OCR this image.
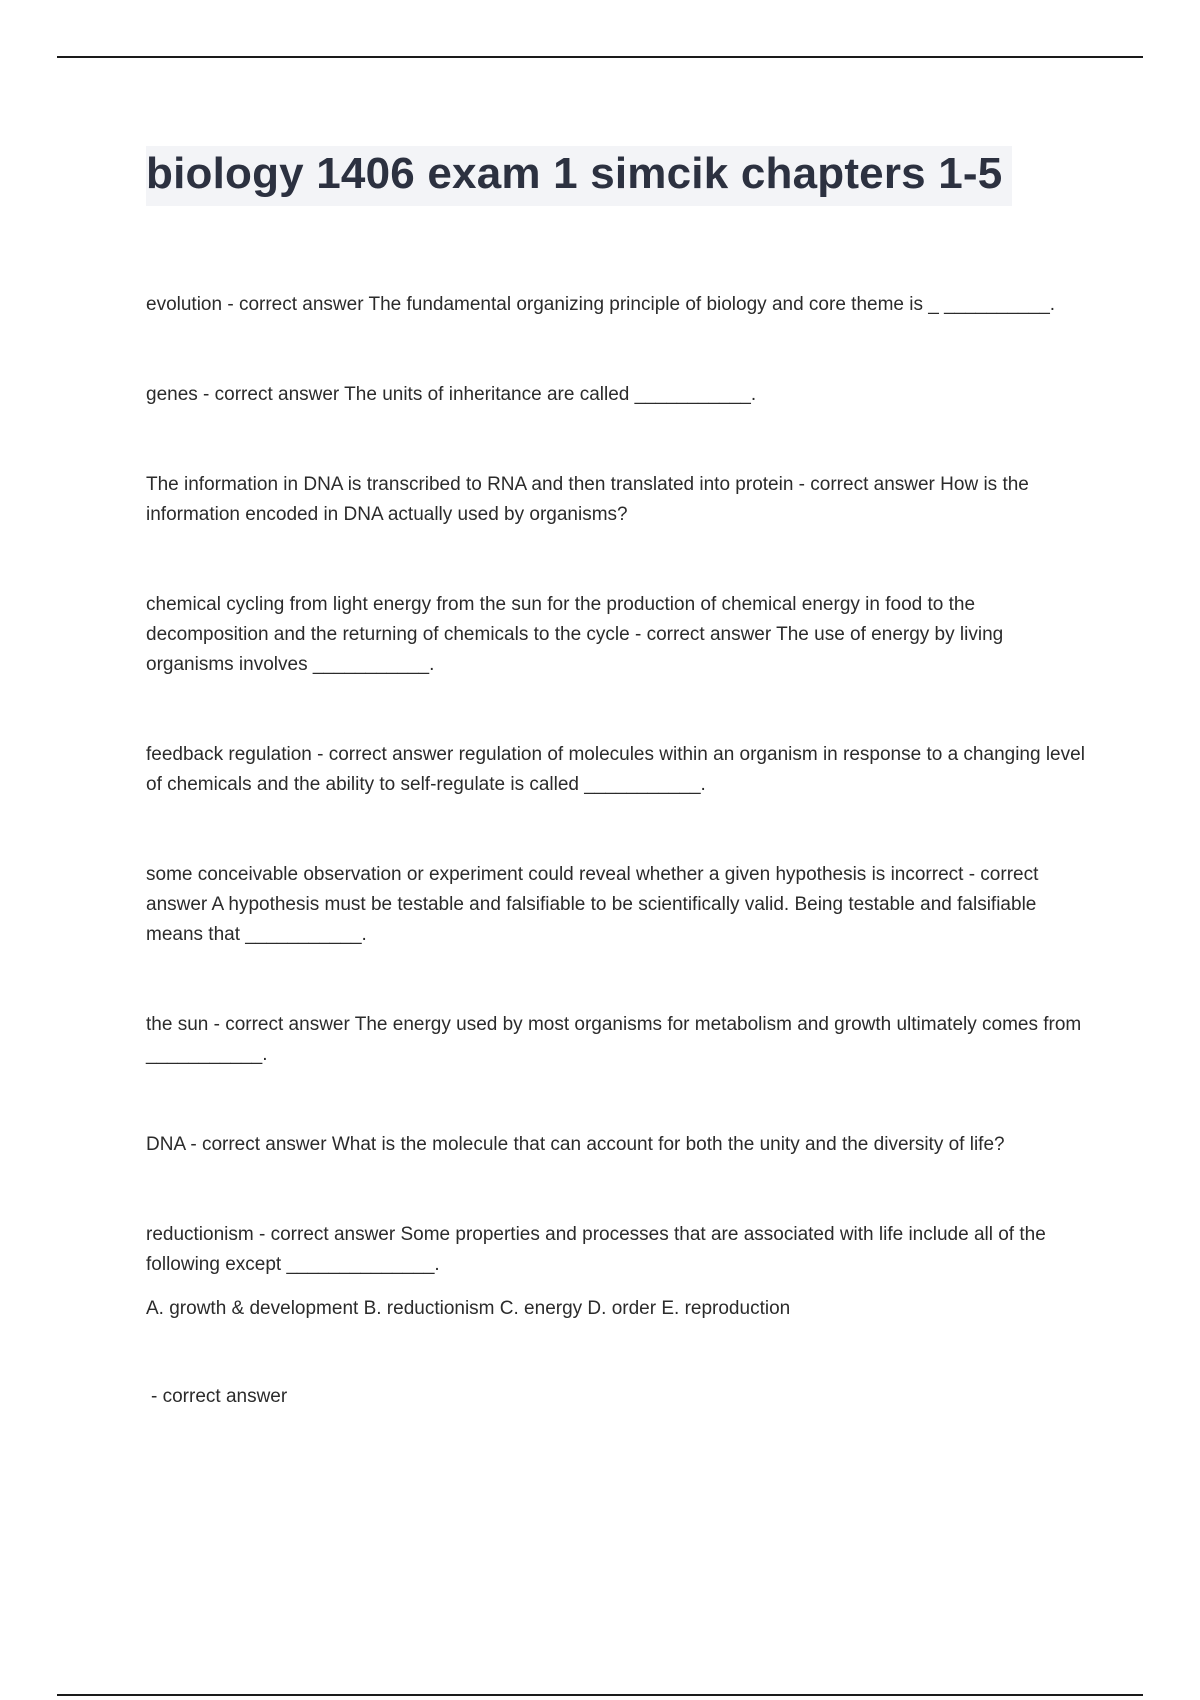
biology 1406 exam 1 simcik chapters 1-5

evolution - correct answer The fundamental organizing principle of biology and core theme is _ __________.

genes - correct answer The units of inheritance are called ___________.

The information in DNA is transcribed to RNA and then translated into protein - correct answer How is the information encoded in DNA actually used by organisms?

chemical cycling from light energy from the sun for the production of chemical energy in food to the decomposition and the returning of chemicals to the cycle - correct answer The use of energy by living organisms involves ___________.

feedback regulation - correct answer regulation of molecules within an organism in response to a changing level of chemicals and the ability to self-regulate is called ___________.

some conceivable observation or experiment could reveal whether a given hypothesis is incorrect - correct answer A hypothesis must be testable and falsifiable to be scientifically valid. Being testable and falsifiable means that ___________.

the sun - correct answer The energy used by most organisms for metabolism and growth ultimately comes from ___________.

DNA - correct answer What is the molecule that can account for both the unity and the diversity of life?

reductionism - correct answer Some properties and processes that are associated with life include all of the following except ______________.

A. growth & development B. reductionism C. energy D. order E. reproduction

- correct answer
